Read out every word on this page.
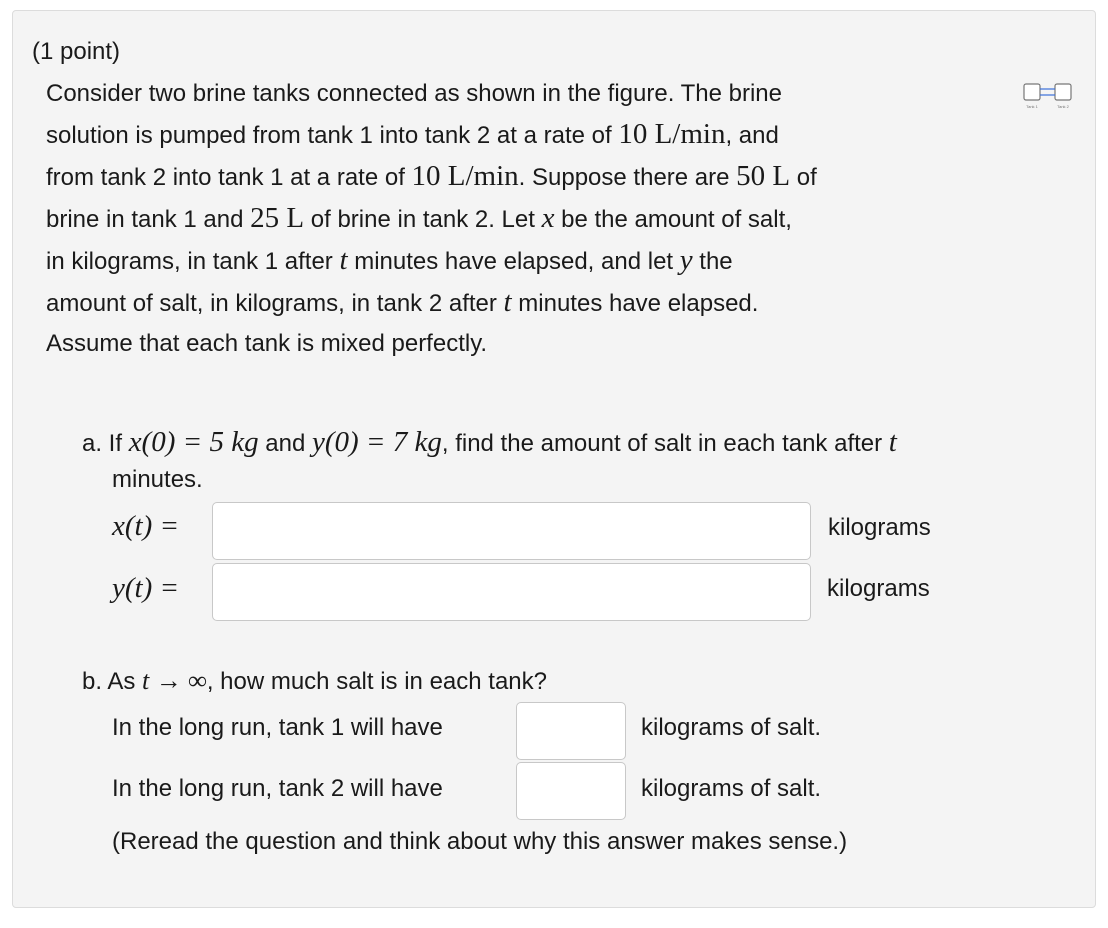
(1 point)
Consider two brine tanks connected as shown in the figure. The brine
solution is pumped from tank 1 into tank 2 at a rate of 10 L/min, and
from tank 2 into tank 1 at a rate of 10 L/min. Suppose there are 50 L of
brine in tank 1 and 25 L of brine in tank 2. Let x be the amount of salt,
in kilograms, in tank 1 after t minutes have elapsed, and let y the
amount of salt, in kilograms, in tank 2 after t minutes have elapsed.
Assume that each tank is mixed perfectly.
Tank 1	Tank 2
a. If x(0) = 5 kg and y(0) = 7 kg, find the amount of salt in each tank after t
minutes.
x(t) =	kilograms
y(t) =	kilograms
b. As t → ∞, how much salt is in each tank?
In the long run, tank 1 will have	kilograms of salt.
In the long run, tank 2 will have	kilograms of salt.
(Reread the question and think about why this answer makes sense.)
